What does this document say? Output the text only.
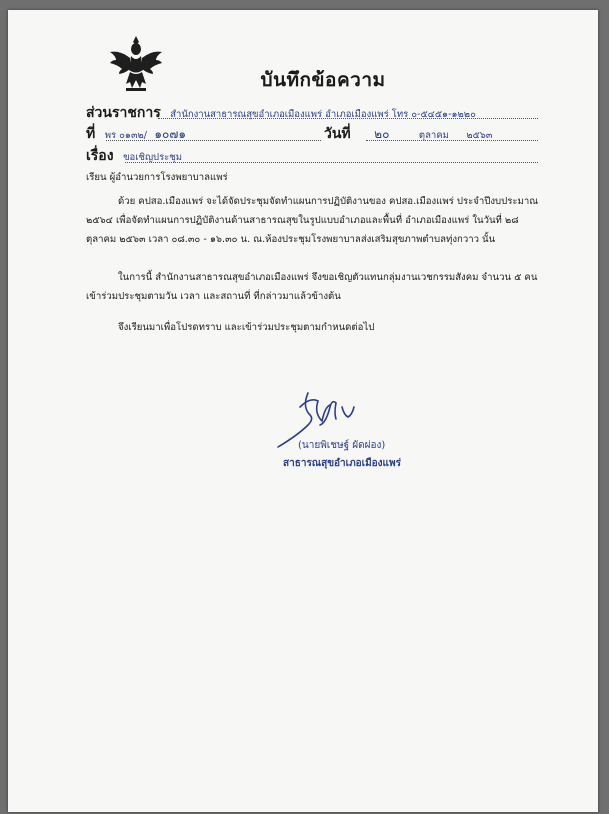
บันทึกข้อความ
ส่วนราชการ สำนักงานสาธารณสุขอำเภอเมืองแพร่ อำเภอเมืองแพร่ โทร ๐-๕๔๕๑-๑๒๒๐
ที่ พร ๐๑๓๒/ ๑๐๗๑	วันที่ ๒๐	ตุลาคม ๒๕๖๓
เรื่อง ขอเชิญประชุม
เรียน ผู้อำนวยการโรงพยาบาลแพร่
ด้วย คปสอ.เมืองแพร่ จะได้จัดประชุมจัดทำแผนการปฏิบัติงานของ คปสอ.เมืองแพร่ ประจำปีงบประมาณ ๒๕๖๔ เพื่อจัดทำแผนการปฏิบัติงานด้านสาธารณสุขในรูปแบบอำเภอและพื้นที่ อำเภอเมืองแพร่ ในวันที่ ๒๘ ตุลาคม ๒๕๖๓ เวลา ๐๘.๓๐ - ๑๖.๓๐ น. ณ.ห้องประชุมโรงพยาบาลส่งเสริมสุขภาพตำบลทุ่งกวาว นั้น
ในการนี้ สำนักงานสาธารณสุขอำเภอเมืองแพร่ จึงขอเชิญตัวแทนกลุ่มงานเวชกรรมสังคม จำนวน ๕ คน เข้าร่วมประชุมตามวัน เวลา และสถานที่ ที่กล่าวมาแล้วข้างต้น
จึงเรียนมาเพื่อโปรดทราบ และเข้าร่วมประชุมตามกำหนดต่อไป
(นายพิเชษฐ์ ผัดผ่อง)
สาธารณสุขอำเภอเมืองแพร่
